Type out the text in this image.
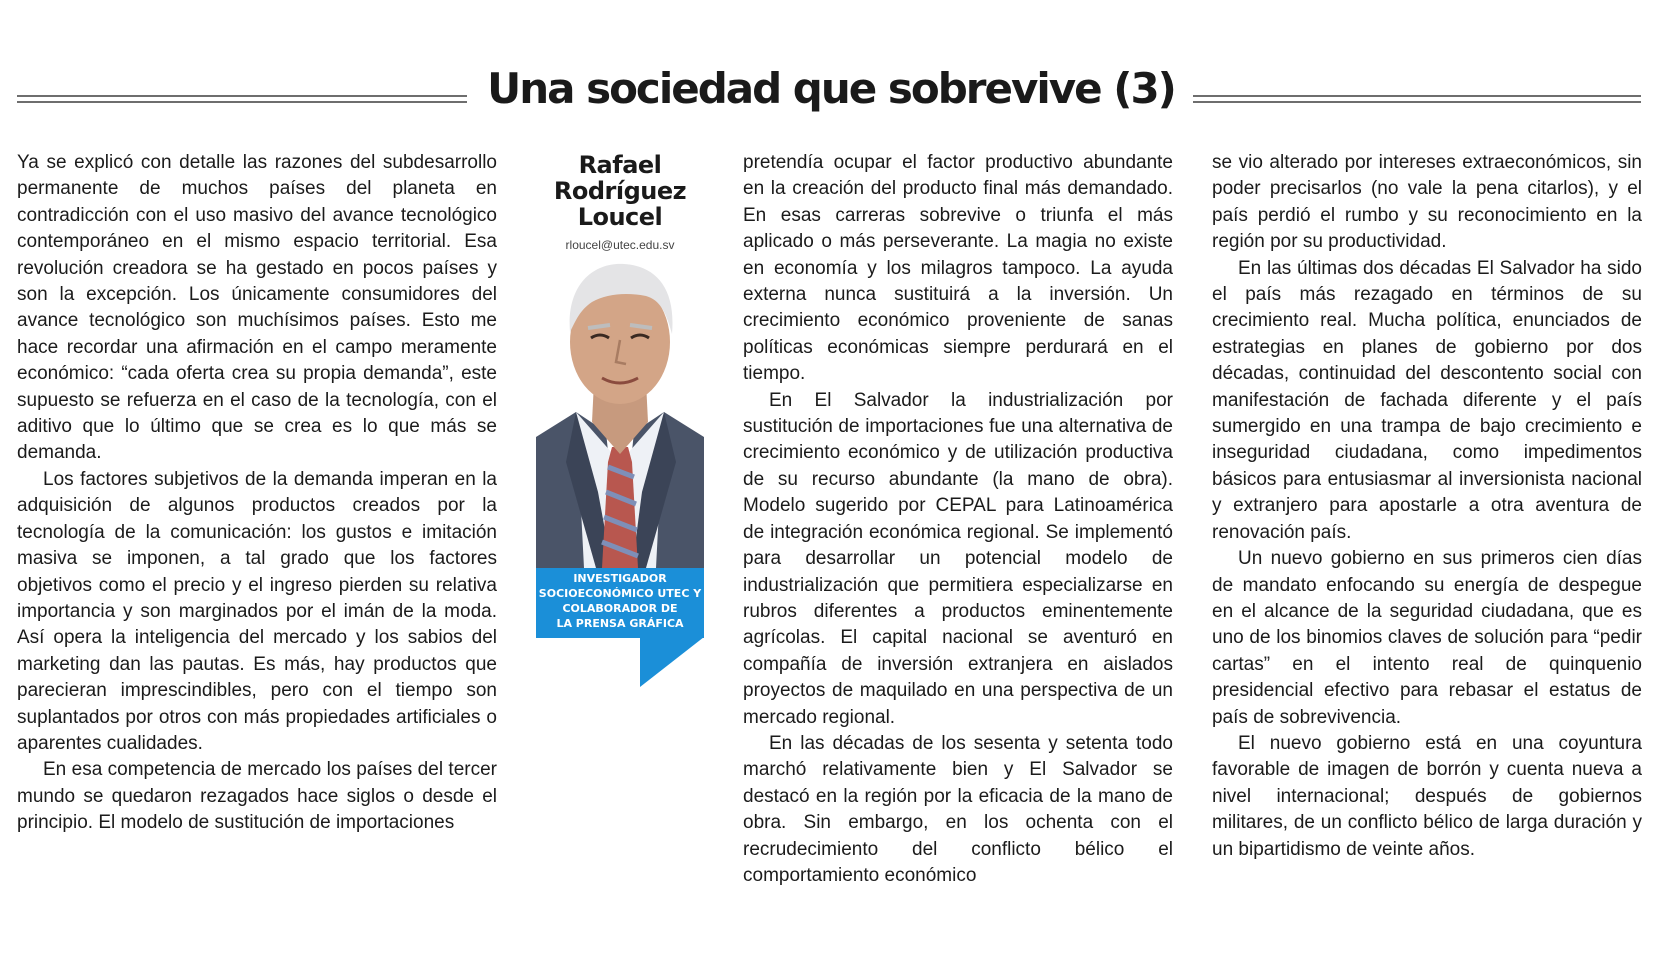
Una sociedad que sobrevive (3)

Ya se explicó con detalle las razones del subdesarrollo permanente de muchos países del planeta en contradicción con el uso masivo del avance tecnológico contemporáneo en el mismo espacio territorial. Esa revolución creadora se ha gestado en pocos países y son la excepción. Los únicamente consumidores del avance tecnológico son muchísimos países. Esto me hace recordar una afirmación en el campo meramente económico: “cada oferta crea su propia demanda”, este supuesto se refuerza en el caso de la tecnología, con el aditivo que lo último que se crea es lo que más se demanda.

Los factores subjetivos de la demanda imperan en la adquisición de algunos productos creados por la tecnología de la comunicación: los gustos e imitación masiva se imponen, a tal grado que los factores objetivos como el precio y el ingreso pierden su relativa importancia y son marginados por el imán de la moda. Así opera la inteligencia del mercado y los sabios del marketing dan las pautas. Es más, hay productos que parecieran imprescindibles, pero con el tiempo son suplantados por otros con más propiedades artificiales o aparentes cualidades.

En esa competencia de mercado los países del tercer mundo se quedaron rezagados hace siglos o desde el principio. El modelo de sustitución de importaciones

Rafael
Rodríguez
Loucel
rloucel@utec.edu.sv
INVESTIGADOR
SOCIOECONÓMICO UTEC Y
COLABORADOR DE
LA PRENSA GRÁFICA

pretendía ocupar el factor productivo abundante en la creación del producto final más demandado. En esas carreras sobrevive o triunfa el más aplicado o más perseverante. La magia no existe en economía y los milagros tampoco. La ayuda externa nunca sustituirá a la inversión. Un crecimiento económico proveniente de sanas políticas económicas siempre perdurará en el tiempo.

En El Salvador la industrialización por sustitución de importaciones fue una alternativa de crecimiento económico y de utilización productiva de su recurso abundante (la mano de obra). Modelo sugerido por CEPAL para Latinoamérica de integración económica regional. Se implementó para desarrollar un potencial modelo de industrialización que permitiera especializarse en rubros diferentes a productos eminentemente agrícolas. El capital nacional se aventuró en compañía de inversión extranjera en aislados proyectos de maquilado en una perspectiva de un mercado regional.

En las décadas de los sesenta y setenta todo marchó relativamente bien y El Salvador se destacó en la región por la eficacia de la mano de obra. Sin embargo, en los ochenta con el recrudecimiento del conflicto bélico el comportamiento económico

se vio alterado por intereses extraeconómicos, sin poder precisarlos (no vale la pena citarlos), y el país perdió el rumbo y su reconocimiento en la región por su productividad.

En las últimas dos décadas El Salvador ha sido el país más rezagado en términos de su crecimiento real. Mucha política, enunciados de estrategias en planes de gobierno por dos décadas, continuidad del descontento social con manifestación de fachada diferente y el país sumergido en una trampa de bajo crecimiento e inseguridad ciudadana, como impedimentos básicos para entusiasmar al inversionista nacional y extranjero para apostarle a otra aventura de renovación país.

Un nuevo gobierno en sus primeros cien días de mandato enfocando su energía de despegue en el alcance de la seguridad ciudadana, que es uno de los binomios claves de solución para “pedir cartas” en el intento real de quinquenio presidencial efectivo para rebasar el estatus de país de sobrevivencia.

El nuevo gobierno está en una coyuntura favorable de imagen de borrón y cuenta nueva a nivel internacional; después de gobiernos militares, de un conflicto bélico de larga duración y un bipartidismo de veinte años.
